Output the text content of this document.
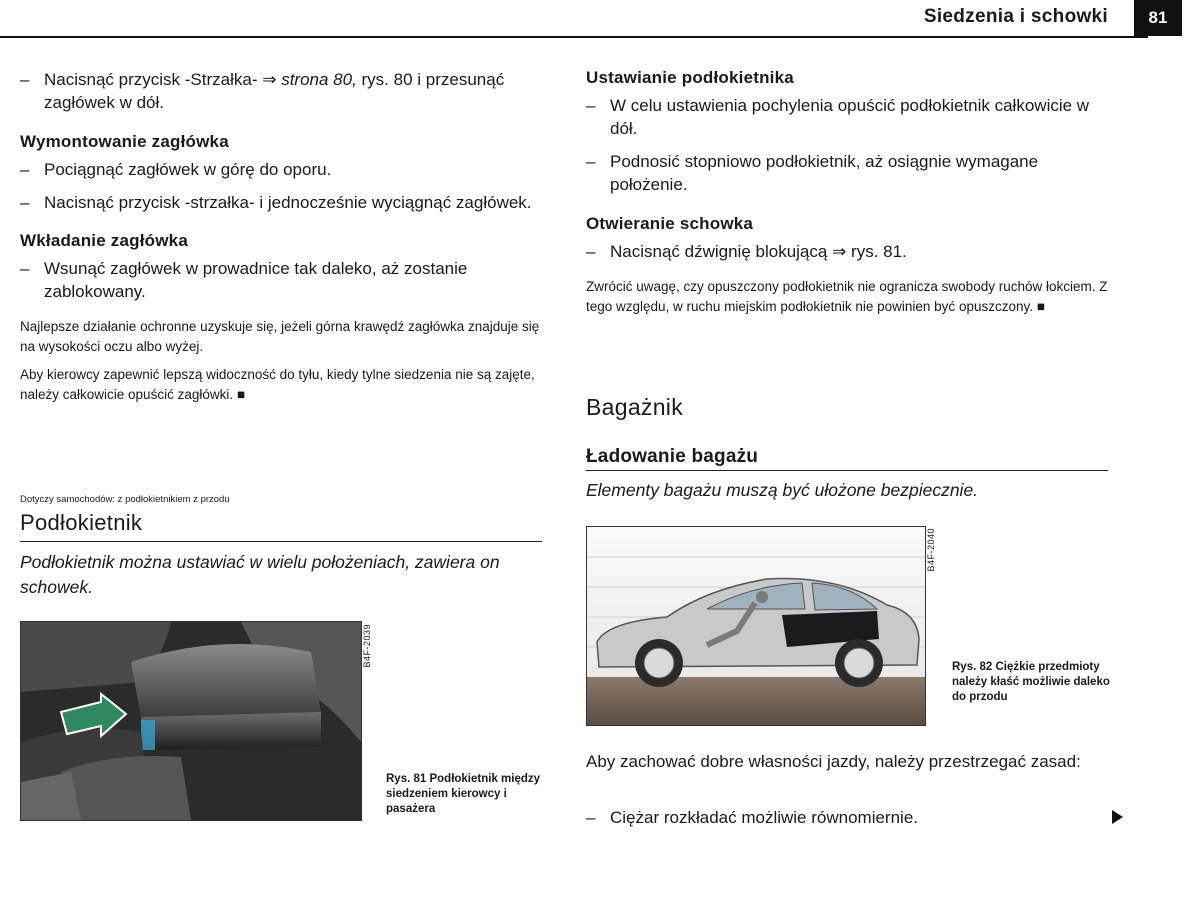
Siedzenia i schowki	81

– Nacisnąć przycisk -Strzałka- ⇒ strona 80, rys. 80 i przesunąć zagłówek w dół.

Wymontowanie zagłówka

– Pociągnąć zagłówek w górę do oporu.

– Nacisnąć przycisk -strzałka- i jednocześnie wyciągnąć zagłówek.

Wkładanie zagłówka

– Wsunąć zagłówek w prowadnice tak daleko, aż zostanie zablokowany.

Najlepsze działanie ochronne uzyskuje się, jeżeli górna krawędź zagłówka znajduje się na wysokości oczu albo wyżej.

Aby kierowcy zapewnić lepszą widoczność do tyłu, kiedy tylne siedzenia nie są zajęte, należy całkowicie opuścić zagłówki. ■

Dotyczy samochodów: z podłokietnikiem z przodu
Podłokietnik

Podłokietnik można ustawiać w wielu położeniach, zawiera on schowek.

B4F-2039
Rys. 81 Podłokietnik między siedzeniem kierowcy i pasażera
Ustawianie podłokietnika

– W celu ustawienia pochylenia opuścić podłokietnik całkowicie w dół.

– Podnosić stopniowo podłokietnik, aż osiągnie wymagane położenie.

Otwieranie schowka

– Nacisnąć dźwignię blokującą ⇒ rys. 81.

Zwrócić uwagę, czy opuszczony podłokietnik nie ogranicza swobody ruchów łokciem. Z tego względu, w ruchu miejskim podłokietnik nie powinien być opuszczony. ■

Bagażnik
Ładowanie bagażu

Elementy bagażu muszą być ułożone bezpiecznie.

B4F-2040
Rys. 82 Ciężkie przedmioty należy kłaść możliwie daleko do przodu

Aby zachować dobre własności jazdy, należy przestrzegać zasad:

– Ciężar rozkładać możliwie równomiernie.
